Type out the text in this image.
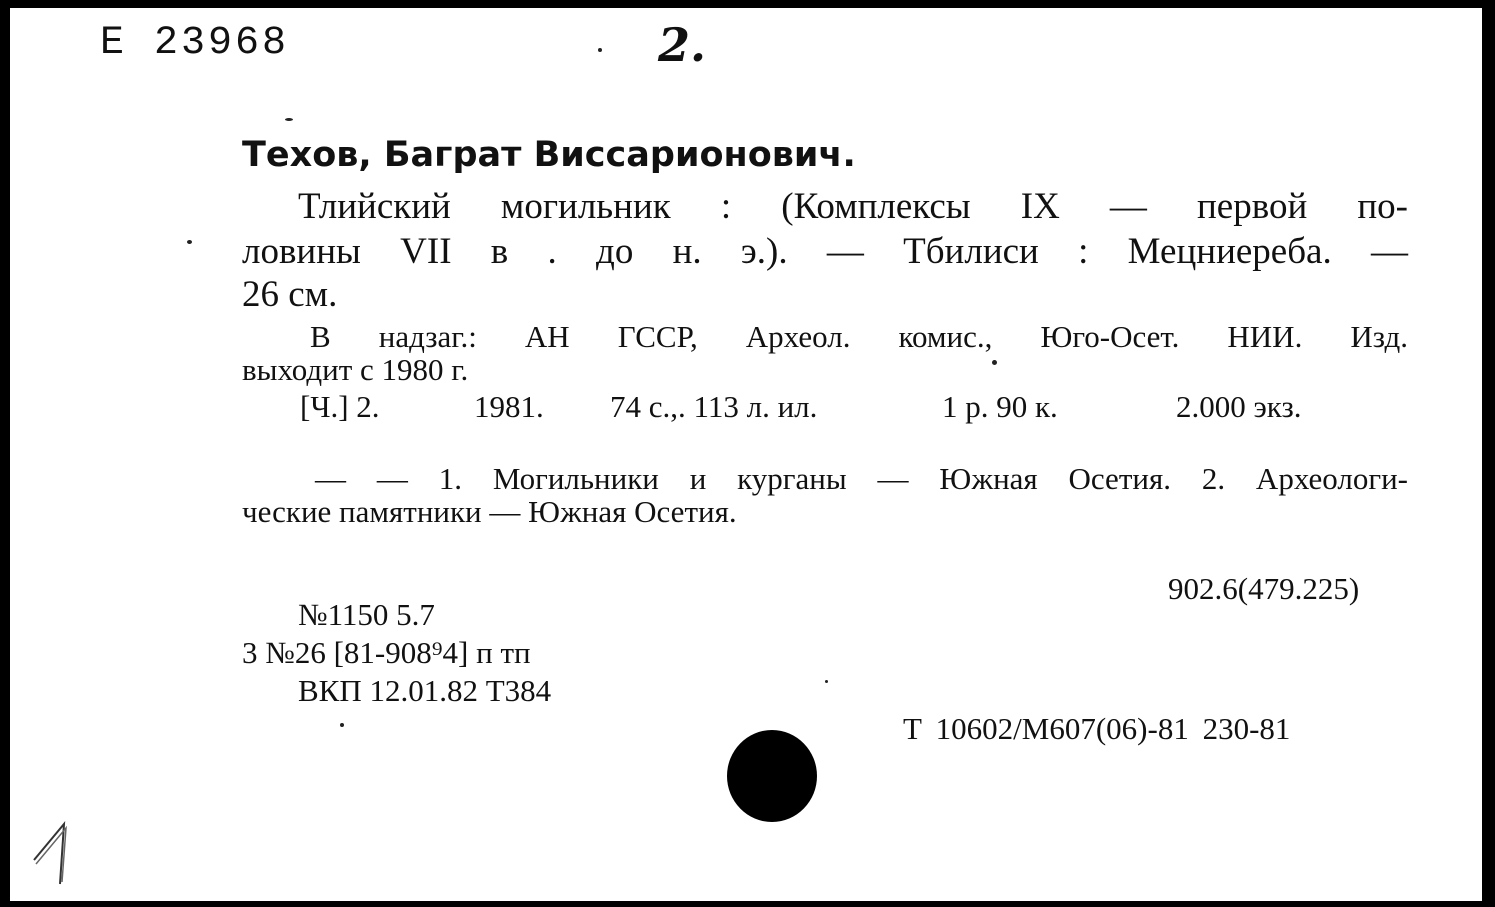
Е 23968	2.
Техов, Баграт Виссарионович.
Тлийский могильник : (Комплексы IX — первой по-
ловины VII в . до н. э.). — Тбилиси : Мецниереба. —
26 см.
В надзаг.: АН ГССР, Археол. комис., Юго-Осет. НИИ. Изд.
выходит с 1980 г.
[Ч.] 2.	1981. 74 с.,. 113 л. ил.	1 р. 90 к.	2.000 экз.
— — 1. Могильники и курганы — Южная Осетия. 2. Археологи-
ческие памятники — Южная Осетия.
902.6(479.225)
№1150 5.7
3 №26 [81-908⁹4] п тп
ВКП 12.01.82 Т384
Т 10602/М607(06)-81 230-81
1
